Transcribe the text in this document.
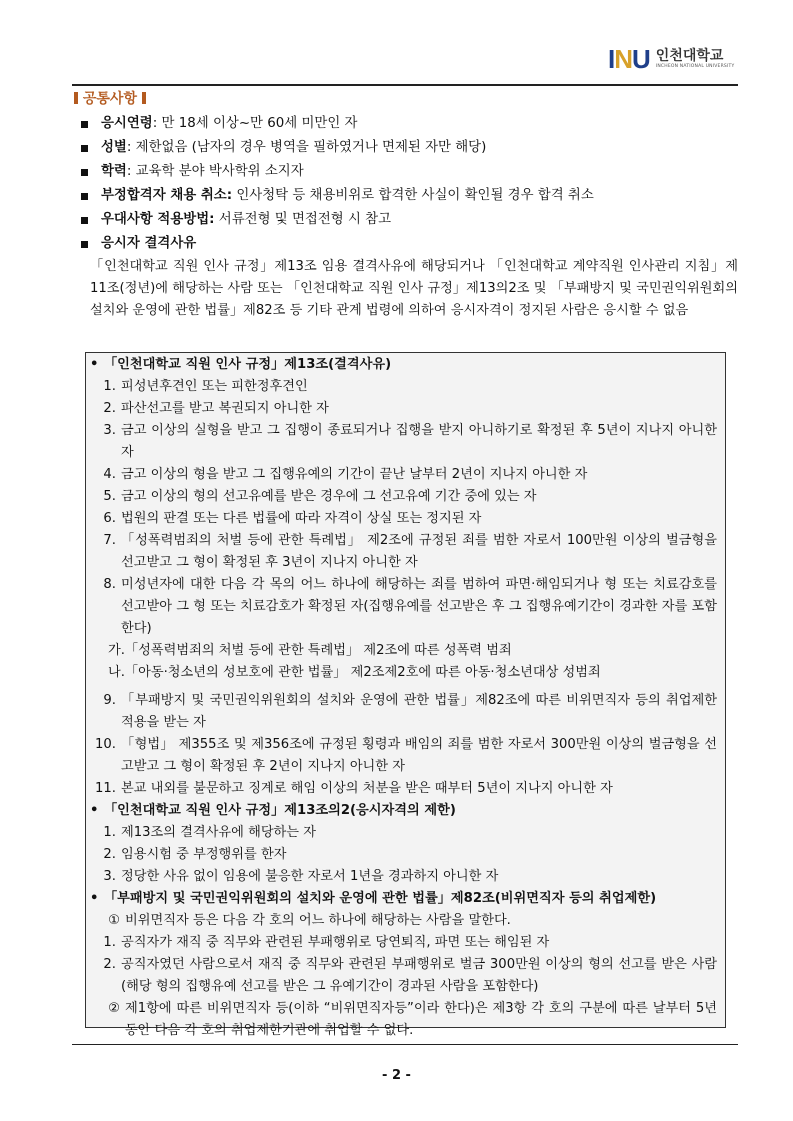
I N U 인천대학교
INCHEON NATIONAL UNIVERSITY
공통사항
응시연령: 만 18세 이상~만 60세 미만인 자
성별: 제한없음 (남자의 경우 병역을 필하였거나 면제된 자만 해당)
학력: 교육학 분야 박사학위 소지자
부정합격자 채용 취소: 인사청탁 등 채용비위로 합격한 사실이 확인될 경우 합격 취소
우대사항 적용방법: 서류전형 및 면접전형 시 참고
응시자 결격사유
「인천대학교 직원 인사 규정」제13조 임용 결격사유에 해당되거나 「인천대학교 계약직원 인사관리 지침」제11조(정년)에 해당하는 사람 또는 「인천대학교 직원 인사 규정」제13의2조 및 「부패방지 및 국민권익위원회의 설치와 운영에 관한 법률」제82조 등 기타 관계 법령에 의하여 응시자격이 정지된 사람은 응시할 수 없음
• 「인천대학교 직원 인사 규정」제13조(결격사유)
1. 피성년후견인 또는 피한정후견인
2. 파산선고를 받고 복권되지 아니한 자
3. 금고 이상의 실형을 받고 그 집행이 종료되거나 집행을 받지 아니하기로 확정된 후 5년이 지나지 아니한 자
4. 금고 이상의 형을 받고 그 집행유예의 기간이 끝난 날부터 2년이 지나지 아니한 자
5. 금고 이상의 형의 선고유예를 받은 경우에 그 선고유예 기간 중에 있는 자
6. 법원의 판결 또는 다른 법률에 따라 자격이 상실 또는 정지된 자
7. 「성폭력범죄의 처벌 등에 관한 특례법」 제2조에 규정된 죄를 범한 자로서 100만원 이상의 벌금형을 선고받고 그 형이 확정된 후 3년이 지나지 아니한 자
8. 미성년자에 대한 다음 각 목의 어느 하나에 해당하는 죄를 범하여 파면·해임되거나 형 또는 치료감호를 선고받아 그 형 또는 치료감호가 확정된 자(집행유예를 선고받은 후 그 집행유예기간이 경과한 자를 포함한다)
가.「성폭력범죄의 처벌 등에 관한 특례법」 제2조에 따른 성폭력 범죄
나.「아동·청소년의 성보호에 관한 법률」 제2조제2호에 따른 아동·청소년대상 성범죄
9. 「부패방지 및 국민권익위원회의 설치와 운영에 관한 법률」제82조에 따른 비위면직자 등의 취업제한 적용을 받는 자
10. 「형법」 제355조 및 제356조에 규정된 횡령과 배임의 죄를 범한 자로서 300만원 이상의 벌금형을 선고받고 그 형이 확정된 후 2년이 지나지 아니한 자
11. 본교 내외를 불문하고 징계로 해임 이상의 처분을 받은 때부터 5년이 지나지 아니한 자
• 「인천대학교 직원 인사 규정」제13조의2(응시자격의 제한)
1. 제13조의 결격사유에 해당하는 자
2. 임용시험 중 부정행위를 한자
3. 정당한 사유 없이 임용에 불응한 자로서 1년을 경과하지 아니한 자
• 「부패방지 및 국민권익위원회의 설치와 운영에 관한 법률」제82조(비위면직자 등의 취업제한)
① 비위면직자 등은 다음 각 호의 어느 하나에 해당하는 사람을 말한다.
1. 공직자가 재직 중 직무와 관련된 부패행위로 당연퇴직, 파면 또는 해임된 자
2. 공직자였던 사람으로서 재직 중 직무와 관련된 부패행위로 벌금 300만원 이상의 형의 선고를 받은 사람(해당 형의 집행유예 선고를 받은 그 유예기간이 경과된 사람을 포함한다)
② 제1항에 따른 비위면직자 등(이하 “비위면직자등”이라 한다)은 제3항 각 호의 구분에 따른 날부터 5년 동안 다음 각 호의 취업제한기관에 취업할 수 없다.
- 2 -
